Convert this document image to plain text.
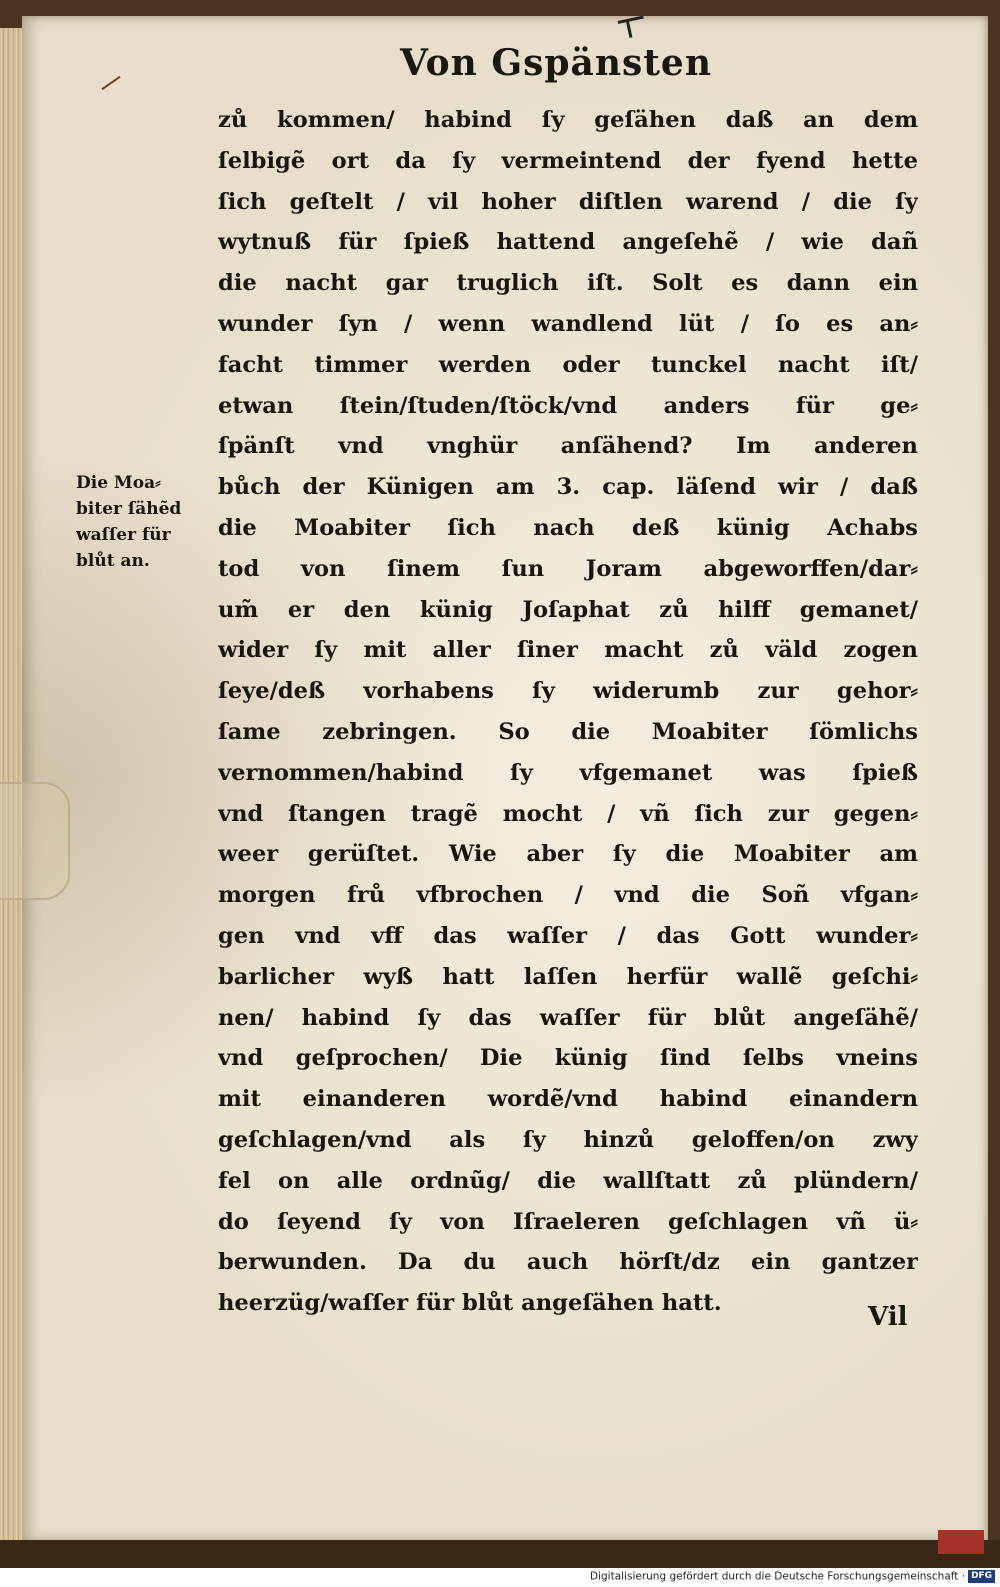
Von Gspänsten
Die Moa⸗
biter ſähẽd
waſſer für
blůt an.
zů kommen/ habind ſy geſähen daß an dem
ſelbigẽ ort da ſy vermeintend der fyend hette
ſich geſtelt / vil hoher diſtlen warend / die ſy
wytnuß für ſpieß hattend angeſehẽ / wie dañ
die nacht gar truglich iſt. Solt es dann ein
wunder ſyn / wenn wandlend lüt / ſo es an⸗
facht timmer werden oder tunckel nacht iſt/
etwan ſtein/ſtuden/ſtöck/vnd anders für ge⸗
ſpänſt vnd vnghür anſähend? Im anderen
bůch der Künigen am 3. cap. läſend wir / daß
die Moabiter ſich nach deß künig Achabs
tod von ſinem ſun Joram abgeworffen/dar⸗
um̃ er den künig Joſaphat zů hilff gemanet/
wider ſy mit aller ſiner macht zů väld zogen
ſeye/deß vorhabens ſy widerumb zur gehor⸗
ſame zebringen. So die Moabiter ſömlichs
vernommen/habind ſy vfgemanet was ſpieß
vnd ſtangen tragẽ mocht / vñ ſich zur gegen⸗
weer gerüſtet. Wie aber ſy die Moabiter am
morgen frů vfbrochen / vnd die Soñ vfgan⸗
gen vnd vff das waſſer / das Gott wunder⸗
barlicher wyß hatt laſſen herfür wallẽ geſchi⸗
nen/ habind ſy das waſſer für blůt angeſähẽ/
vnd geſprochen/ Die künig ſind ſelbs vneins
mit einanderen wordẽ/vnd habind einandern
geſchlagen/vnd als ſy hinzů geloffen/on zwy
fel on alle ordnũg/ die wallſtatt zů plündern/
do ſeyend ſy von Iſraeleren geſchlagen vñ ü⸗
berwunden. Da du auch hörſt/dz ein gantzer
heerzüg/waſſer für blůt angeſähen hatt.	Vil
Digitalisierung gefördert durch die Deutsche Forschungsgemeinschaft · DFG
